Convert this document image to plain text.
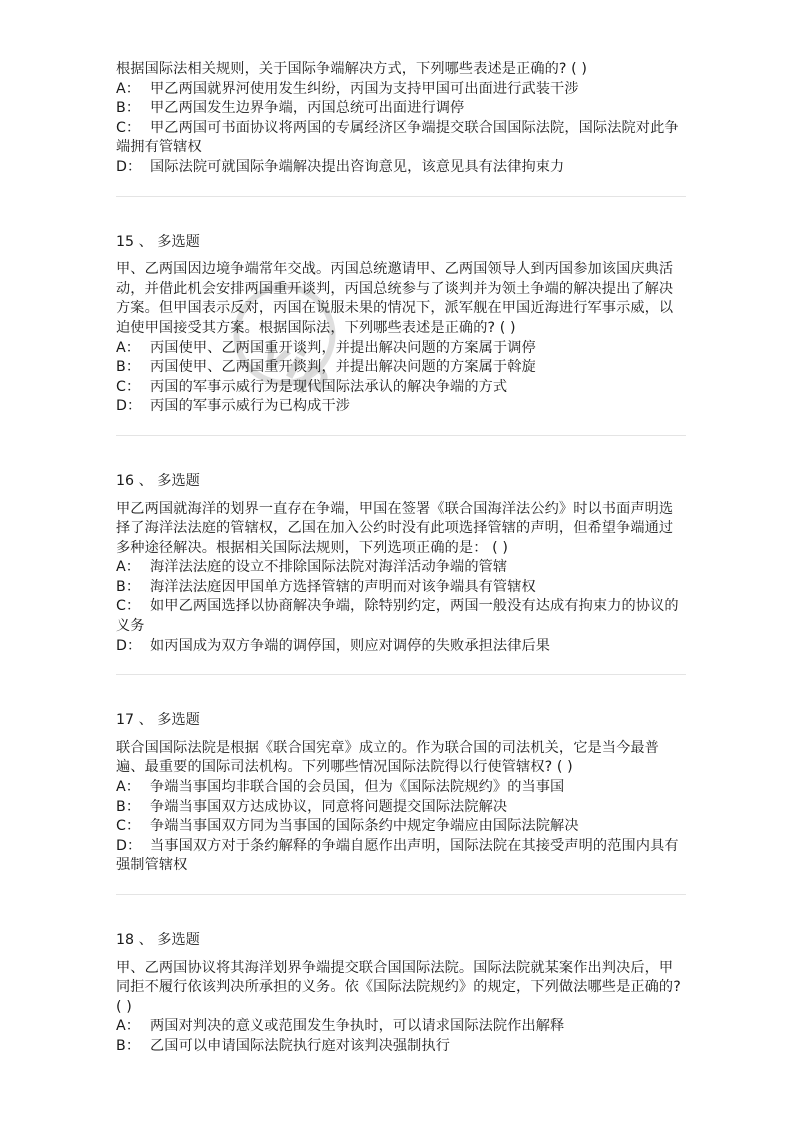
vip
根据国际法相关规则，关于国际争端解决方式，下列哪些表述是正确的? ( )
A： 甲乙两国就界河使用发生纠纷，丙国为支持甲国可出面进行武装干涉
B： 甲乙两国发生边界争端，丙国总统可出面进行调停
C： 甲乙两国可书面协议将两国的专属经济区争端提交联合国国际法院，国际法院对此争端拥有管辖权
D： 国际法院可就国际争端解决提出咨询意见，该意见具有法律拘束力
15 、 多选题
甲、乙两国因边境争端常年交战。丙国总统邀请甲、乙两国领导人到丙国参加该国庆典活动，并借此机会安排两国重开谈判，丙国总统参与了谈判并为领土争端的解决提出了解决方案。但甲国表示反对，丙国在说服未果的情况下，派军舰在甲国近海进行军事示威，以迫使甲国接受其方案。根据国际法，下列哪些表述是正确的? ( )
A： 丙国使甲、乙两国重开谈判，并提出解决问题的方案属于调停
B： 丙国使甲、乙两国重开谈判，并提出解决问题的方案属于斡旋
C： 丙国的军事示威行为是现代国际法承认的解决争端的方式
D： 丙国的军事示威行为已构成干涉
16 、 多选题
甲乙两国就海洋的划界一直存在争端，甲国在签署《联合国海洋法公约》时以书面声明选择了海洋法法庭的管辖权，乙国在加入公约时没有此项选择管辖的声明，但希望争端通过多种途径解决。根据相关国际法规则，下列选项正确的是： ( )
A： 海洋法法庭的设立不排除国际法院对海洋活动争端的管辖
B： 海洋法法庭因甲国单方选择管辖的声明而对该争端具有管辖权
C： 如甲乙两国选择以协商解决争端，除特别约定，两国一般没有达成有拘束力的协议的义务
D： 如丙国成为双方争端的调停国，则应对调停的失败承担法律后果
17 、 多选题
联合国国际法院是根据《联合国宪章》成立的。作为联合国的司法机关，它是当今最普遍、最重要的国际司法机构。下列哪些情况国际法院得以行使管辖权? ( )
A： 争端当事国均非联合国的会员国，但为《国际法院规约》的当事国
B： 争端当事国双方达成协议，同意将问题提交国际法院解决
C： 争端当事国双方同为当事国的国际条约中规定争端应由国际法院解决
D： 当事国双方对于条约解释的争端自愿作出声明，国际法院在其接受声明的范围内具有强制管辖权
18 、 多选题
甲、乙两国协议将其海洋划界争端提交联合国国际法院。国际法院就某案作出判决后，甲同拒不履行依该判决所承担的义务。依《国际法院规约》的规定，下列做法哪些是正确的? ( )
A： 两国对判决的意义或范围发生争执时，可以请求国际法院作出解释
B： 乙国可以申请国际法院执行庭对该判决强制执行
